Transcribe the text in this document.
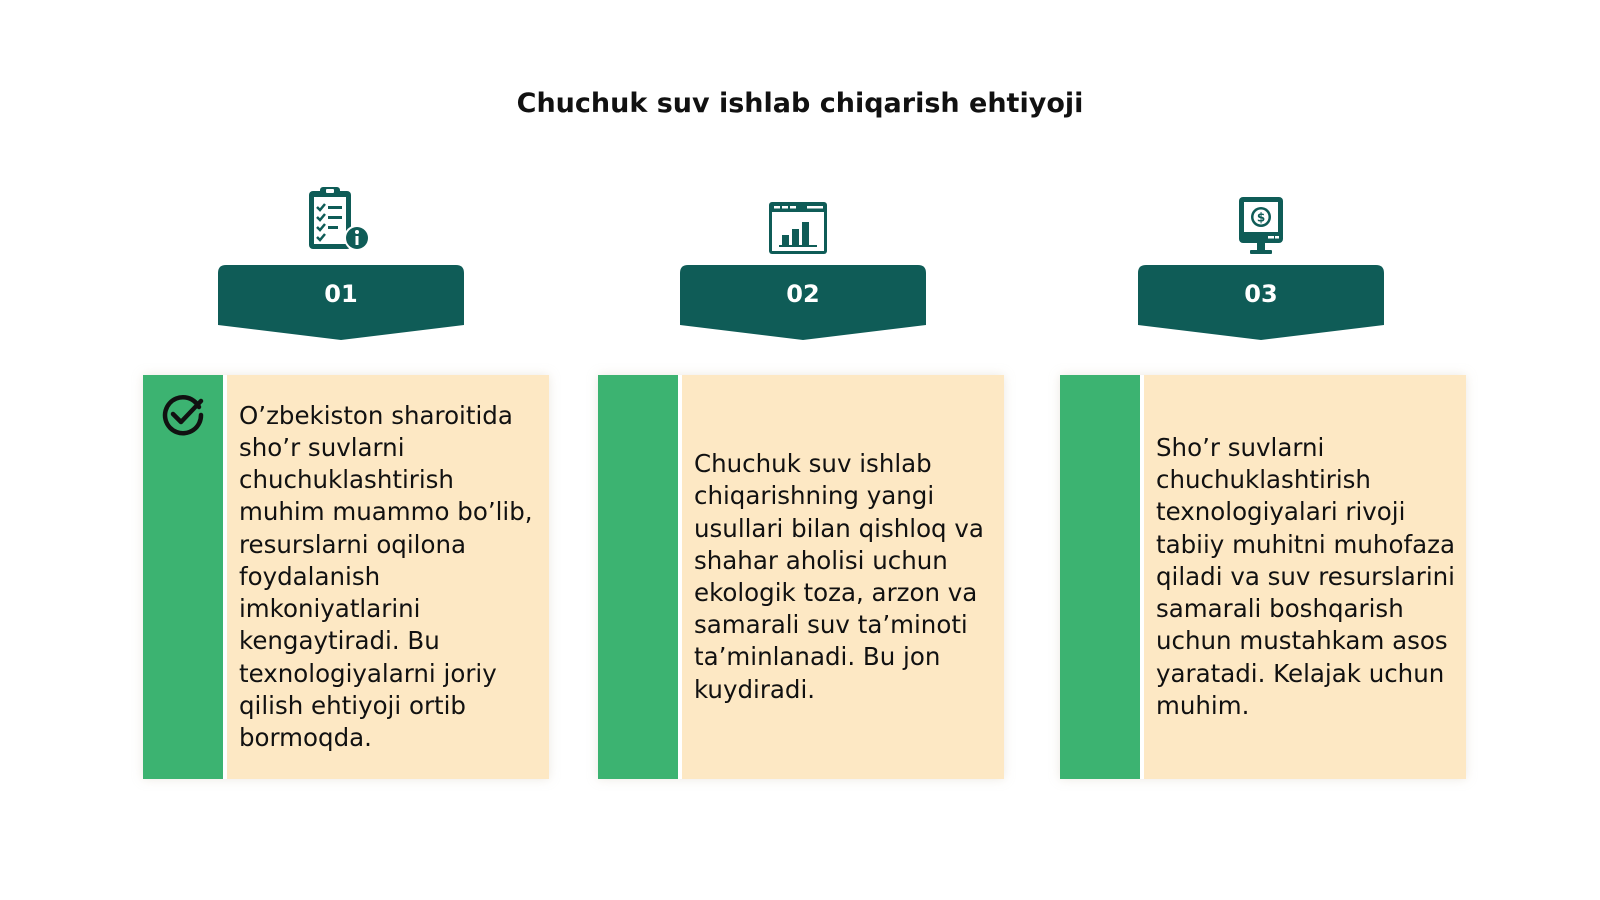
Chuchuk suv ishlab chiqarish ehtiyoji
01

O’zbekiston sharoitida sho’r suvlarni chuchuklashtirish muhim muammo bo’lib, resurslarni oqilona foydalanish imkoniyatlarini kengaytiradi. Bu texnologiyalarni joriy qilish ehtiyoji ortib bormoqda.

02

Chuchuk suv ishlab chiqarishning yangi usullari bilan qishloq va shahar aholisi uchun ekologik toza, arzon va samarali suv ta’minoti ta’minlanadi. Bu jon kuydiradi.

$
03

Sho’r suvlarni chuchuklashtirish texnologiyalari rivoji tabiiy muhitni muhofaza qiladi va suv resurslarini samarali boshqarish uchun mustahkam asos yaratadi. Kelajak uchun muhim.
